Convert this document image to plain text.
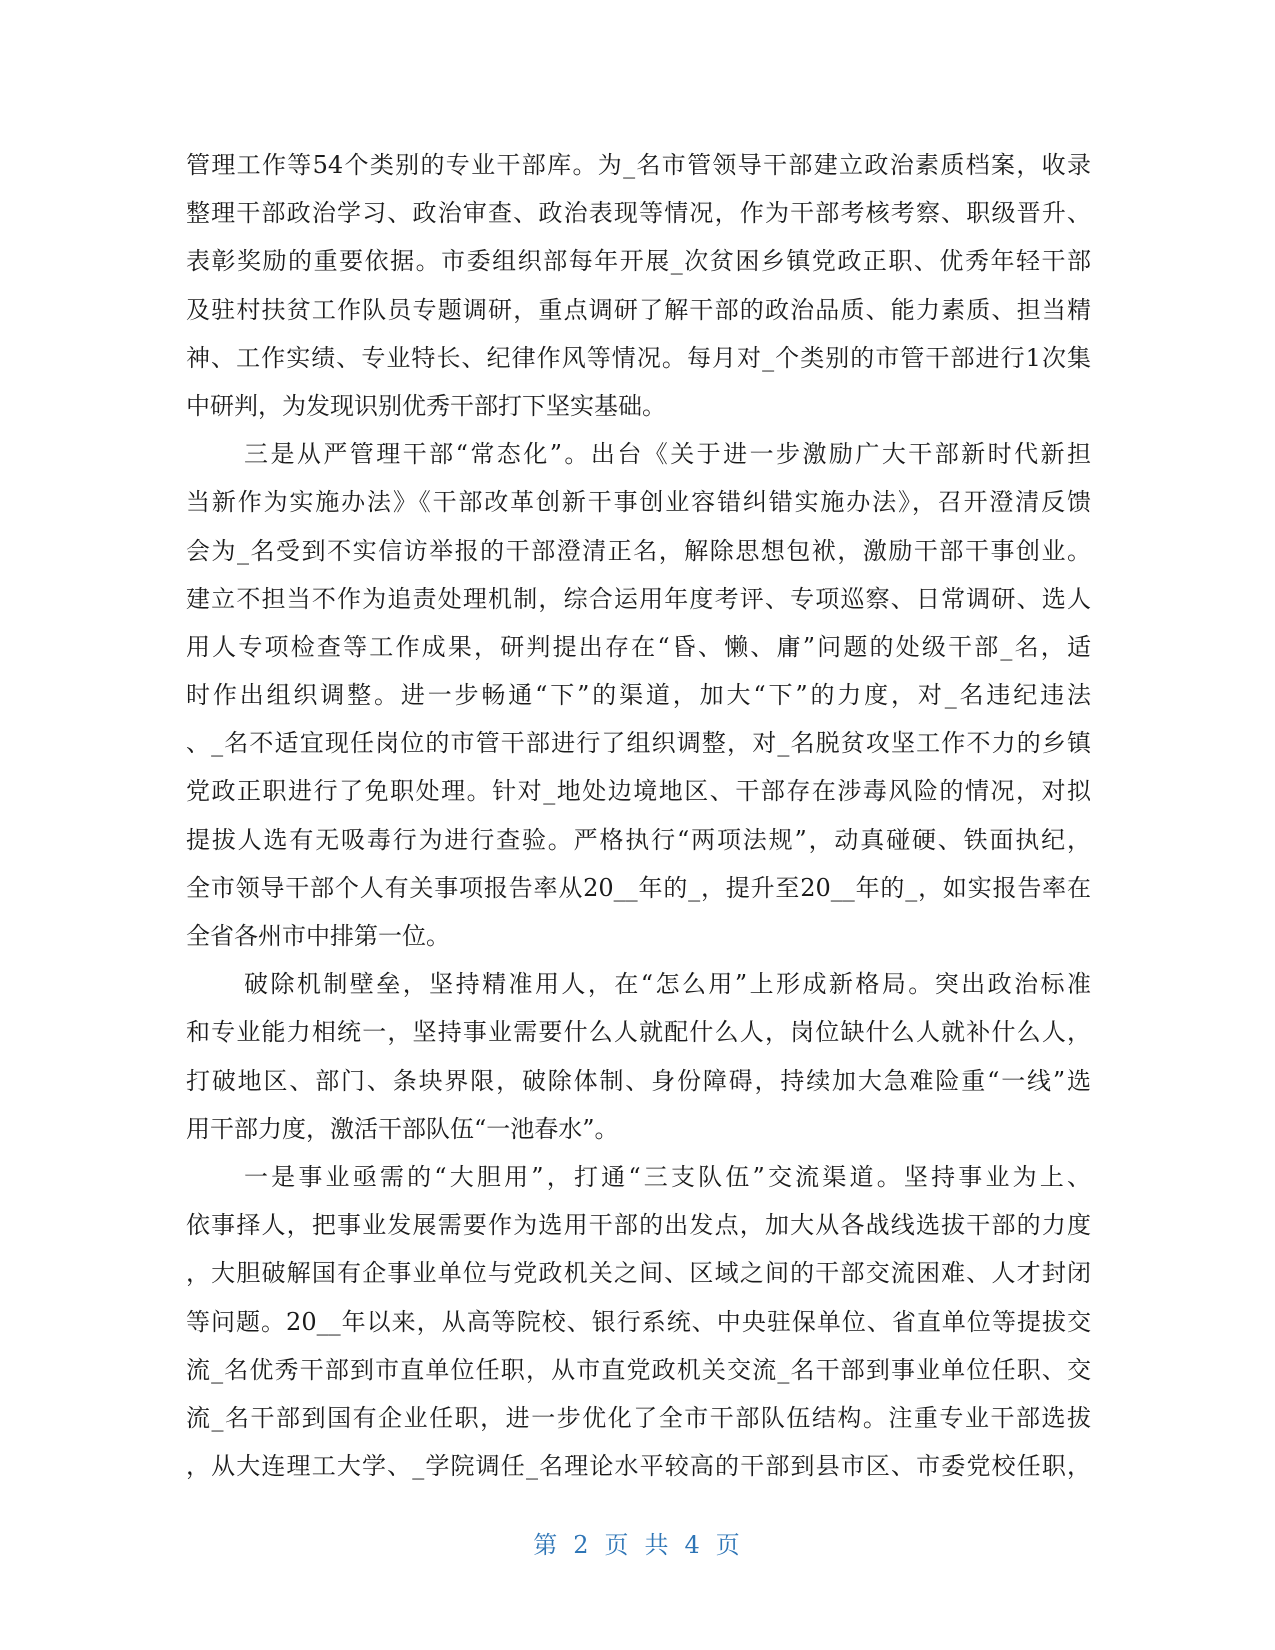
管理工作等54个类别的专业干部库。为_名市管领导干部建立政治素质档案，收录
整理干部政治学习、政治审查、政治表现等情况，作为干部考核考察、职级晋升、
表彰奖励的重要依据。市委组织部每年开展_次贫困乡镇党政正职、优秀年轻干部
及驻村扶贫工作队员专题调研，重点调研了解干部的政治品质、能力素质、担当精
神、工作实绩、专业特长、纪律作风等情况。每月对_个类别的市管干部进行1次集
中研判，为发现识别优秀干部打下坚实基础。
三是从严管理干部“常态化”。出台《关于进一步激励广大干部新时代新担
当新作为实施办法》《干部改革创新干事创业容错纠错实施办法》，召开澄清反馈
会为_名受到不实信访举报的干部澄清正名，解除思想包袱，激励干部干事创业。
建立不担当不作为追责处理机制，综合运用年度考评、专项巡察、日常调研、选人
用人专项检查等工作成果，研判提出存在“昏、懒、庸”问题的处级干部_名，适
时作出组织调整。进一步畅通“下”的渠道，加大“下”的力度，对_名违纪违法
、_名不适宜现任岗位的市管干部进行了组织调整，对_名脱贫攻坚工作不力的乡镇
党政正职进行了免职处理。针对_地处边境地区、干部存在涉毒风险的情况，对拟
提拔人选有无吸毒行为进行查验。严格执行“两项法规”，动真碰硬、铁面执纪，
全市领导干部个人有关事项报告率从20__年的_，提升至20__年的_，如实报告率在
全省各州市中排第一位。
破除机制壁垒，坚持精准用人，在“怎么用”上形成新格局。突出政治标准
和专业能力相统一，坚持事业需要什么人就配什么人，岗位缺什么人就补什么人，
打破地区、部门、条块界限，破除体制、身份障碍，持续加大急难险重“一线”选
用干部力度，激活干部队伍“一池春水”。
一是事业亟需的“大胆用”，打通“三支队伍”交流渠道。坚持事业为上、
依事择人，把事业发展需要作为选用干部的出发点，加大从各战线选拔干部的力度
，大胆破解国有企事业单位与党政机关之间、区域之间的干部交流困难、人才封闭
等问题。20__年以来，从高等院校、银行系统、中央驻保单位、省直单位等提拔交
流_名优秀干部到市直单位任职，从市直党政机关交流_名干部到事业单位任职、交
流_名干部到国有企业任职，进一步优化了全市干部队伍结构。注重专业干部选拔
，从大连理工大学、_学院调任_名理论水平较高的干部到县市区、市委党校任职，
第 2 页 共 4 页
